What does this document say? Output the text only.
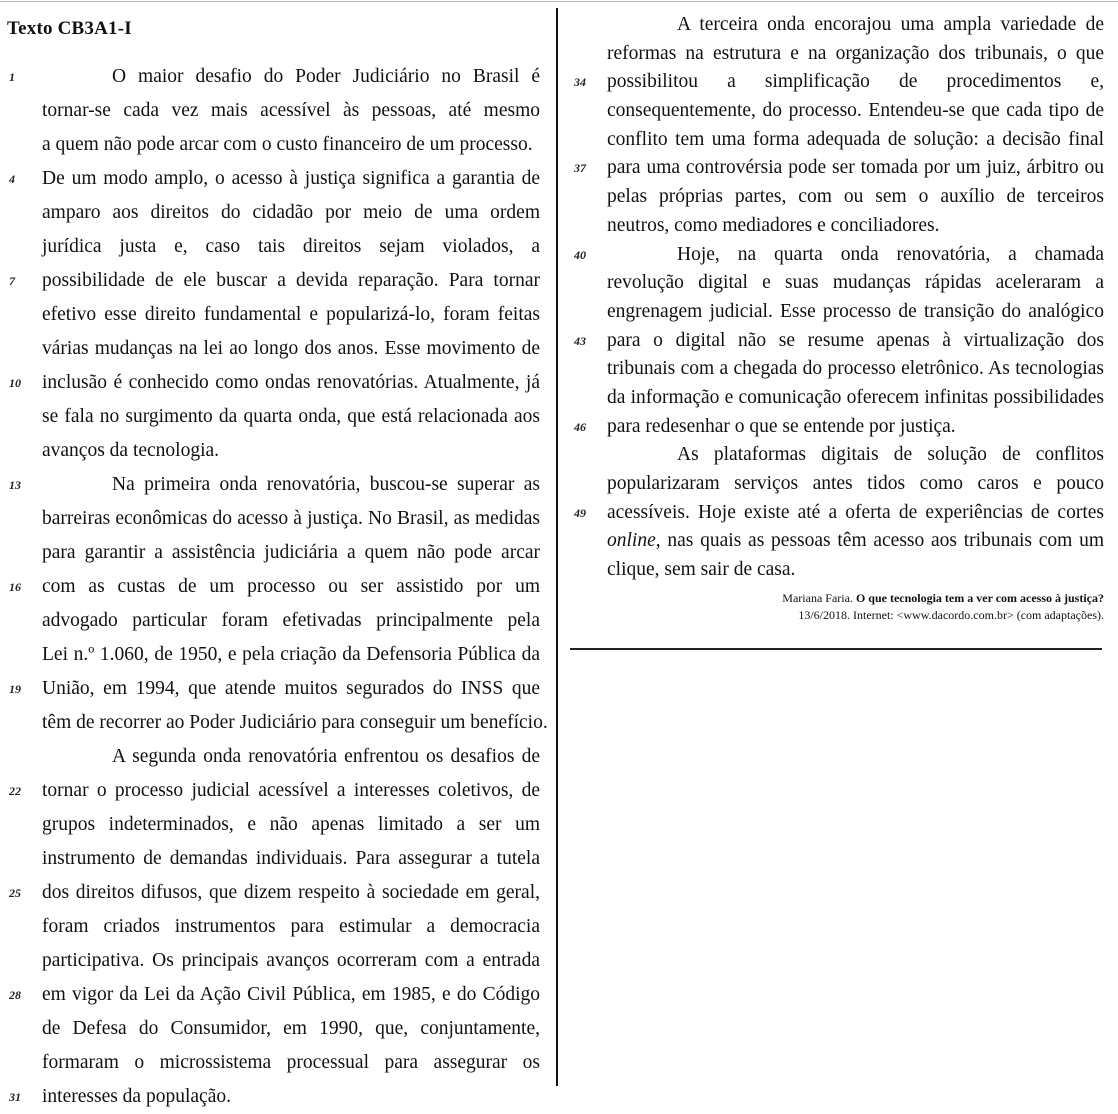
Texto CB3A1-I
1	O maior desafio do Poder Judiciário no Brasil é
tornar-se cada vez mais acessível às pessoas, até mesmo
a quem não pode arcar com o custo financeiro de um processo.
4	De um modo amplo, o acesso à justiça significa a garantia de
amparo aos direitos do cidadão por meio de uma ordem
jurídica justa e, caso tais direitos sejam violados, a
7	possibilidade de ele buscar a devida reparação. Para tornar
efetivo esse direito fundamental e popularizá-lo, foram feitas
várias mudanças na lei ao longo dos anos. Esse movimento de
10	inclusão é conhecido como ondas renovatórias. Atualmente, já
se fala no surgimento da quarta onda, que está relacionada aos
avanços da tecnologia.
13	Na primeira onda renovatória, buscou-se superar as
barreiras econômicas do acesso à justiça. No Brasil, as medidas
para garantir a assistência judiciária a quem não pode arcar
16	com as custas de um processo ou ser assistido por um
advogado particular foram efetivadas principalmente pela
Lei n.º 1.060, de 1950, e pela criação da Defensoria Pública da
19	União, em 1994, que atende muitos segurados do INSS que
têm de recorrer ao Poder Judiciário para conseguir um benefício.
A segunda onda renovatória enfrentou os desafios de
22	tornar o processo judicial acessível a interesses coletivos, de
grupos indeterminados, e não apenas limitado a ser um
instrumento de demandas individuais. Para assegurar a tutela
25	dos direitos difusos, que dizem respeito à sociedade em geral,
foram criados instrumentos para estimular a democracia
participativa. Os principais avanços ocorreram com a entrada
28	em vigor da Lei da Ação Civil Pública, em 1985, e do Código
de Defesa do Consumidor, em 1990, que, conjuntamente,
formaram o microssistema processual para assegurar os
31	interesses da população.
A terceira onda encorajou uma ampla variedade de
reformas na estrutura e na organização dos tribunais, o que
34	possibilitou a simplificação de procedimentos e,
consequentemente, do processo. Entendeu-se que cada tipo de
conflito tem uma forma adequada de solução: a decisão final
37	para uma controvérsia pode ser tomada por um juiz, árbitro ou
pelas próprias partes, com ou sem o auxílio de terceiros
neutros, como mediadores e conciliadores.
40	Hoje, na quarta onda renovatória, a chamada
revolução digital e suas mudanças rápidas aceleraram a
engrenagem judicial. Esse processo de transição do analógico
43	para o digital não se resume apenas à virtualização dos
tribunais com a chegada do processo eletrônico. As tecnologias
da informação e comunicação oferecem infinitas possibilidades
46	para redesenhar o que se entende por justiça.
As plataformas digitais de solução de conflitos
popularizaram serviços antes tidos como caros e pouco
49	acessíveis. Hoje existe até a oferta de experiências de cortes
online, nas quais as pessoas têm acesso aos tribunais com um
clique, sem sair de casa.
Mariana Faria. O que tecnologia tem a ver com acesso à justiça?
13/6/2018. Internet: <www.dacordo.com.br> (com adaptações).
